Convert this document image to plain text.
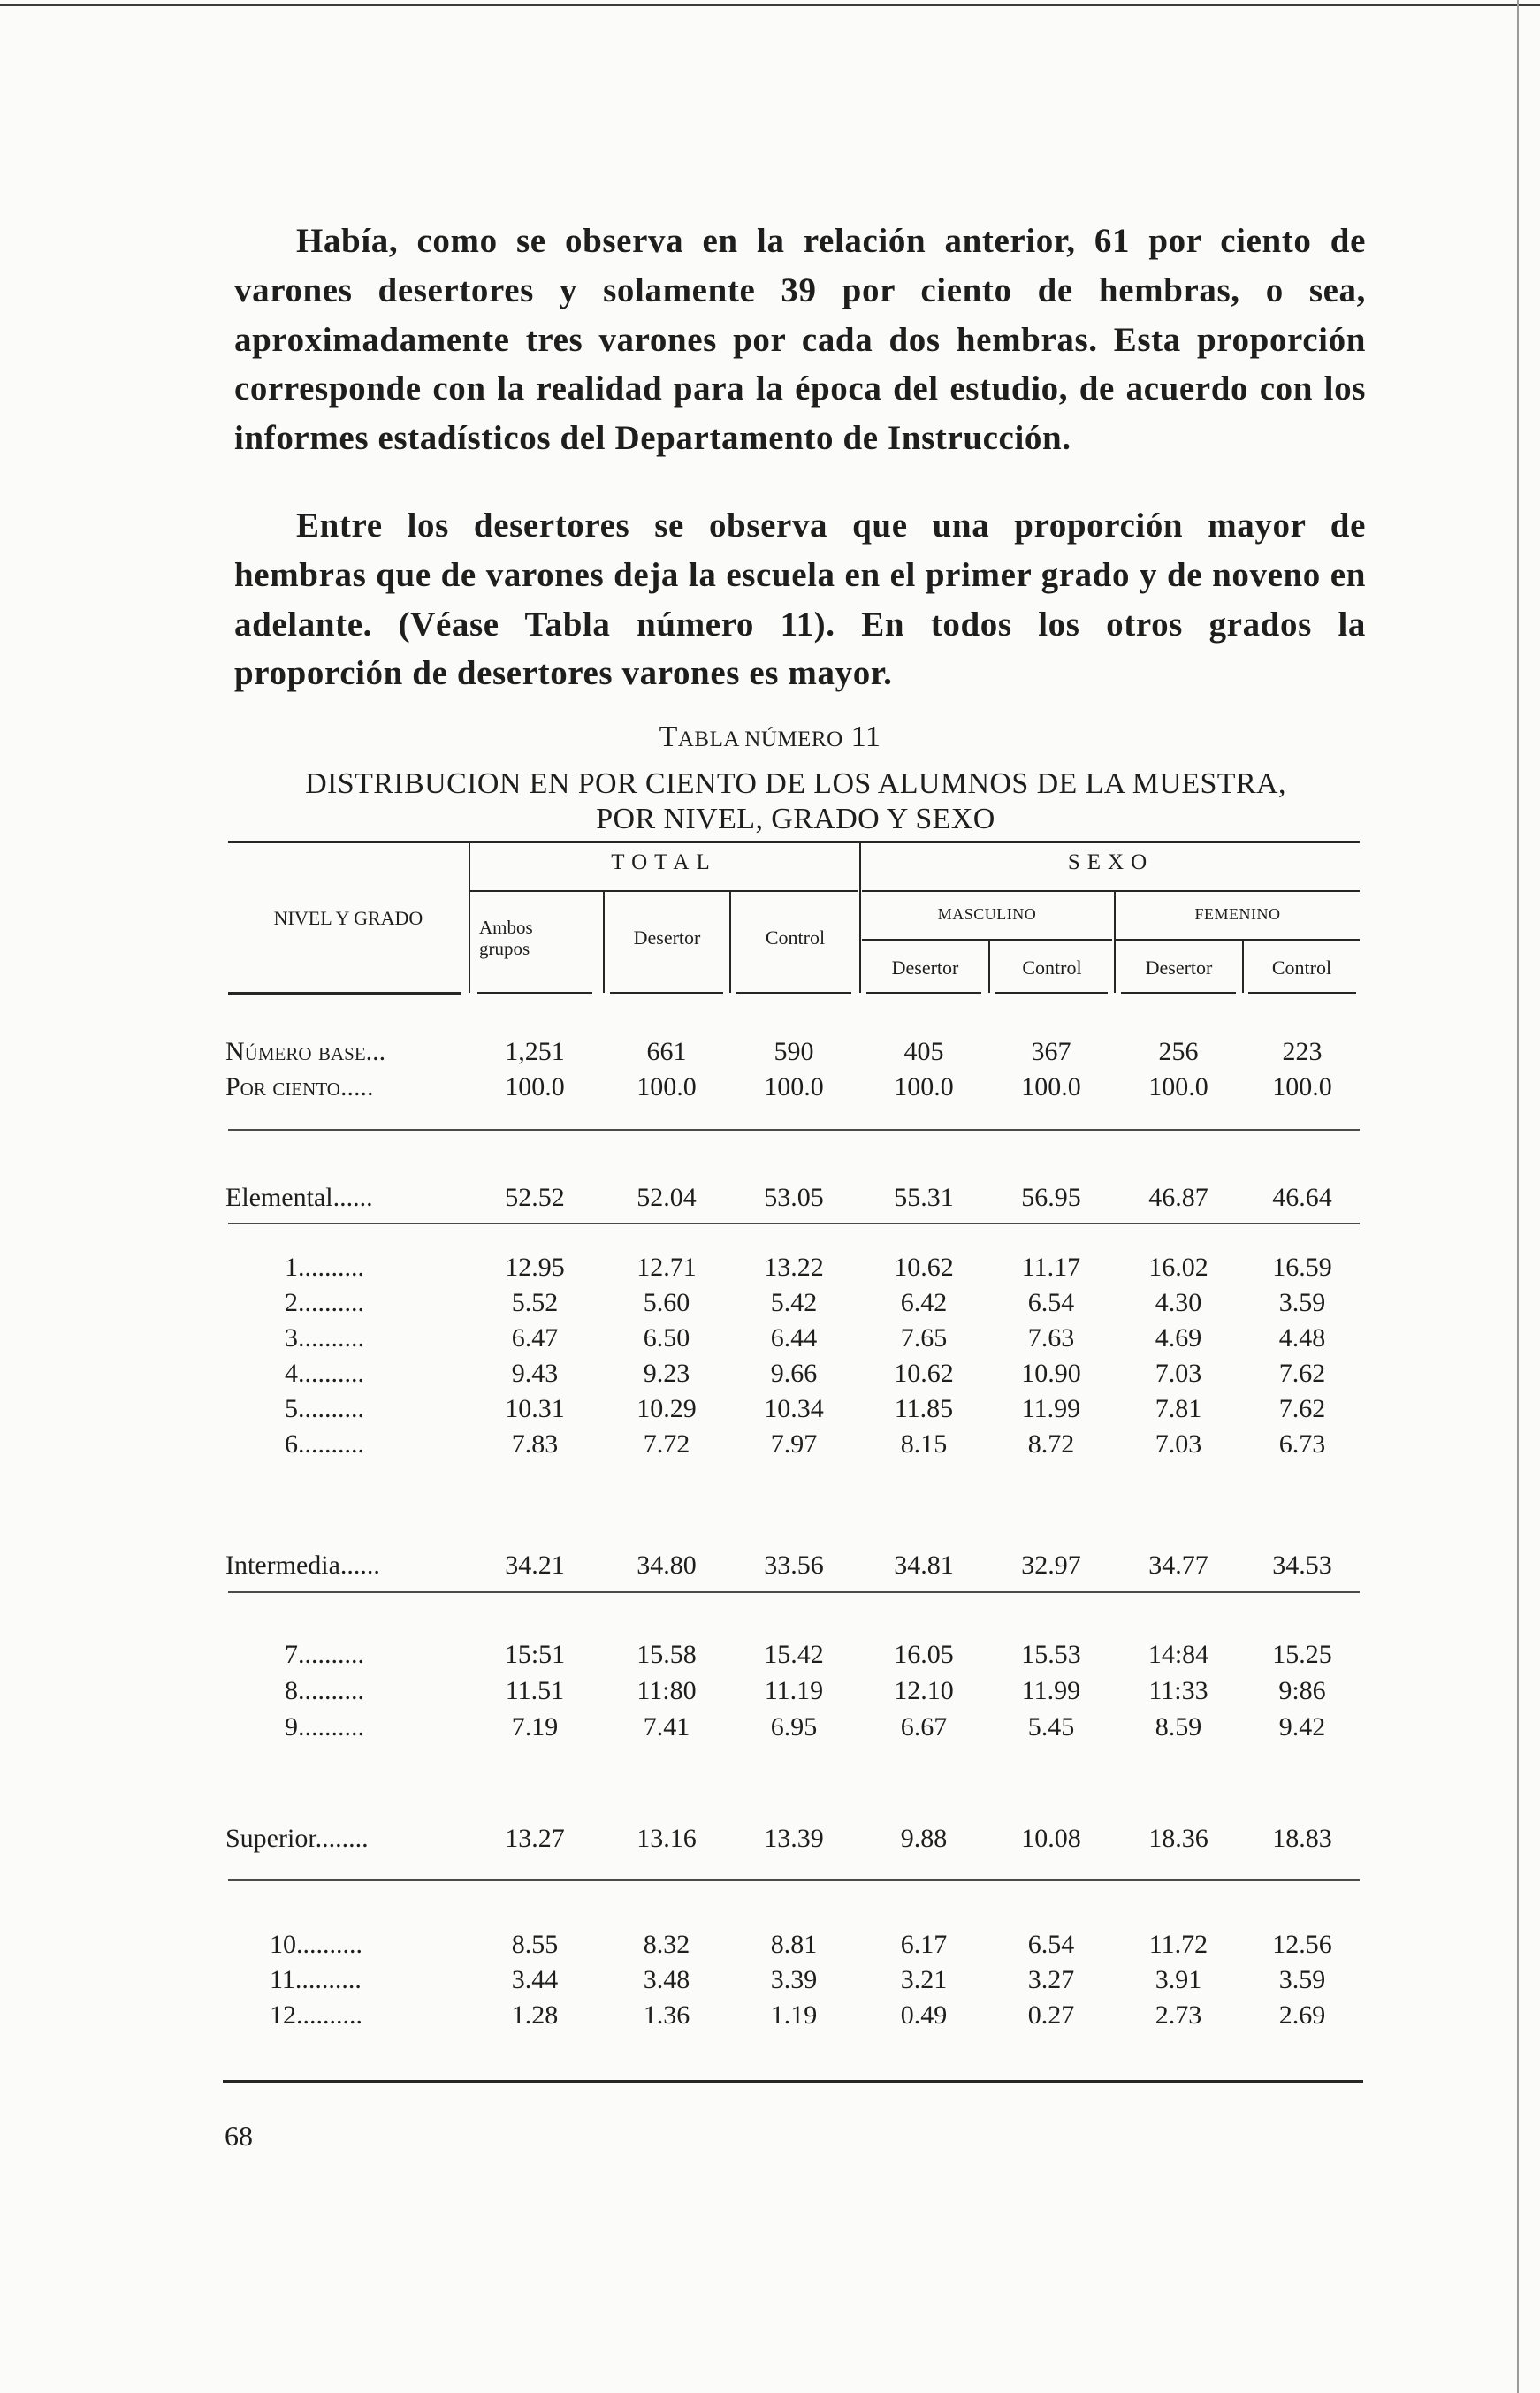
Había, como se observa en la relación anterior, 61 por ciento de varones desertores y solamente 39 por ciento de hembras, o sea, aproximadamente tres varones por cada dos hembras. Esta proporción corresponde con la realidad para la época del estudio, de acuerdo con los informes estadísticos del Departamento de Instrucción.

Entre los desertores se observa que una proporción mayor de hembras que de varones deja la escuela en el primer grado y de noveno en adelante. (Véase Tabla número 11). En todos los otros grados la proporción de desertores varones es mayor.

TABLA NÚMERO 11
DISTRIBUCION EN POR CIENTO DE LOS ALUMNOS DE LA MUESTRA,
POR NIVEL, GRADO Y SEXO
NIVEL Y GRADO
TOTAL	SEXO
Ambos
grupos	Desertor	Control
MASCULINO	FEMENINO
Desertor	Control	Desertor	Control
Número base...	1,251	661	590	405	367	256	223
Por ciento.....	100.0	100.0	100.0	100.0	100.0	100.0	100.0
Elemental......	52.52	52.04	53.05	55.31	56.95	46.87	46.64
1..........	12.95	12.71	13.22	10.62	11.17	16.02	16.59
2..........	5.52	5.60	5.42	6.42	6.54	4.30	3.59
3..........	6.47	6.50	6.44	7.65	7.63	4.69	4.48
4..........	9.43	9.23	9.66	10.62	10.90	7.03	7.62
5..........	10.31	10.29	10.34	11.85	11.99	7.81	7.62
6..........	7.83	7.72	7.97	8.15	8.72	7.03	6.73
Intermedia......	34.21	34.80	33.56	34.81	32.97	34.77	34.53
7..........	15:51	15.58	15.42	16.05	15.53	14:84	15.25
8..........	11.51	11:80	11.19	12.10	11.99	11:33	9:86
9..........	7.19	7.41	6.95	6.67	5.45	8.59	9.42
Superior........	13.27	13.16	13.39	9.88	10.08	18.36	18.83
10..........	8.55	8.32	8.81	6.17	6.54	11.72	12.56
11..........	3.44	3.48	3.39	3.21	3.27	3.91	3.59
12..........	1.28	1.36	1.19	0.49	0.27	2.73	2.69
68
